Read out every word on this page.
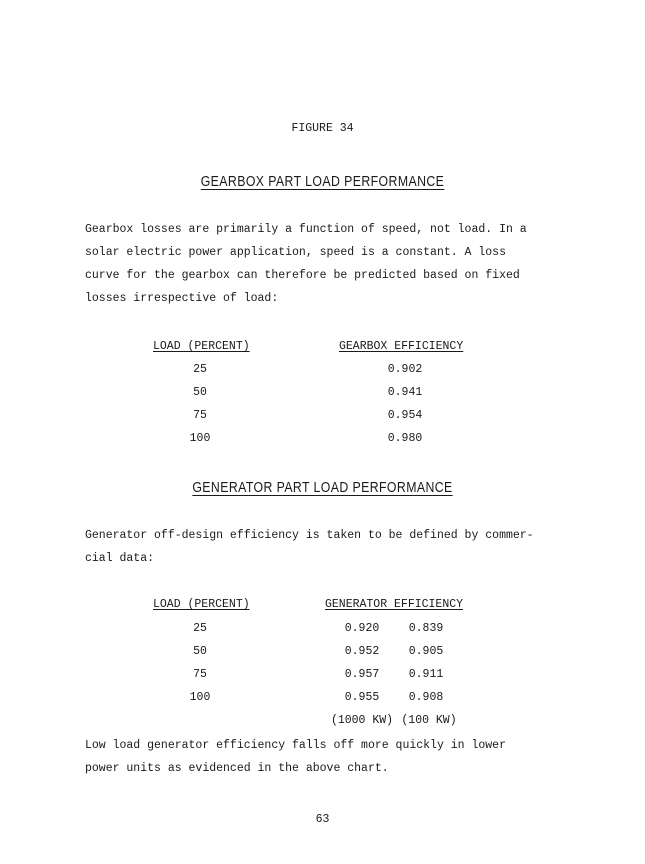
FIGURE 34
GEARBOX PART LOAD PERFORMANCE
Gearbox losses are primarily a function of speed, not load. In a
solar electric power application, speed is a constant. A loss
curve for the gearbox can therefore be predicted based on fixed
losses irrespective of load:
LOAD (PERCENT)	GEARBOX EFFICIENCY
25	0.902
50	0.941
75	0.954
100	0.980
GENERATOR PART LOAD PERFORMANCE
Generator off-design efficiency is taken to be defined by commer-
cial data:
LOAD (PERCENT)	GENERATOR EFFICIENCY
25	0.920	0.839
50	0.952	0.905
75	0.957	0.911
100	0.955	0.908
(1000 KW) (100 KW)
Low load generator efficiency falls off more quickly in lower
power units as evidenced in the above chart.
63
